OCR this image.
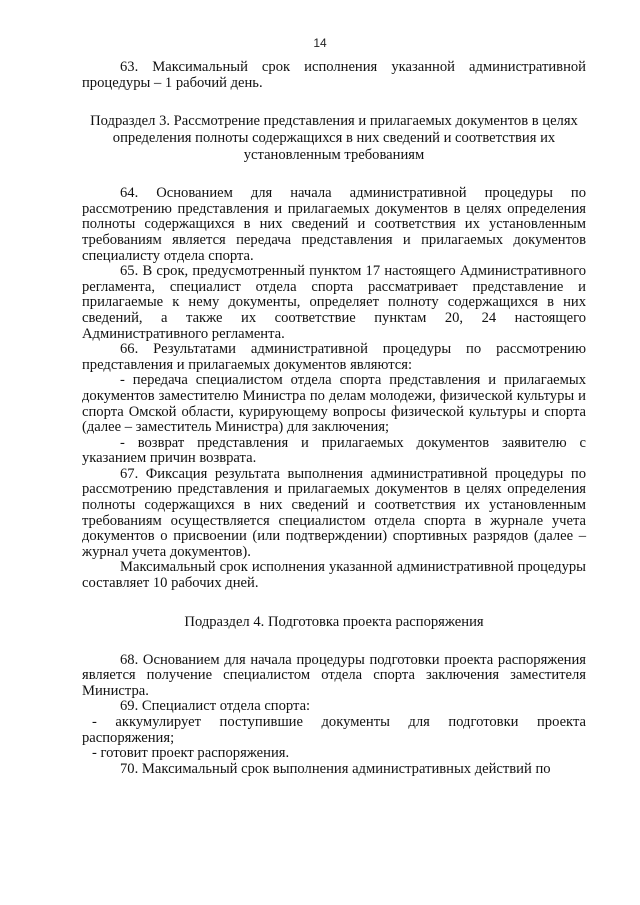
14

63. Максимальный срок исполнения указанной административной процедуры – 1 рабочий день.

Подраздел 3. Рассмотрение представления и прилагаемых документов в целях определения полноты содержащихся в них сведений и соответствия их установленным требованиям

64. Основанием для начала административной процедуры по рассмотрению представления и прилагаемых документов в целях определения полноты содержащихся в них сведений и соответствия их установленным требованиям является передача представления и прилагаемых документов специалисту отдела спорта.

65. В срок, предусмотренный пунктом 17 настоящего Административного регламента, специалист отдела спорта рассматривает представление и прилагаемые к нему документы, определяет полноту содержащихся в них сведений, а также их соответствие пунктам 20, 24 настоящего Административного регламента.

66. Результатами административной процедуры по рассмотрению представления и прилагаемых документов являются:

- передача специалистом отдела спорта представления и прилагаемых документов заместителю Министра по делам молодежи, физической культуры и спорта Омской области, курирующему вопросы физической культуры и спорта (далее – заместитель Министра) для заключения;

- возврат представления и прилагаемых документов заявителю с указанием причин возврата.

67. Фиксация результата выполнения административной процедуры по рассмотрению представления и прилагаемых документов в целях определения полноты содержащихся в них сведений и соответствия их установленным требованиям осуществляется специалистом отдела спорта в журнале учета документов о присвоении (или подтверждении) спортивных разрядов (далее – журнал учета документов).

Максимальный срок исполнения указанной административной процедуры составляет 10 рабочих дней.

Подраздел 4. Подготовка проекта распоряжения

68. Основанием для начала процедуры подготовки проекта распоряжения является получение специалистом отдела спорта заключения заместителя Министра.

69. Специалист отдела спорта:

- аккумулирует поступившие документы для подготовки проекта распоряжения;

- готовит проект распоряжения.

70. Максимальный срок выполнения административных действий по
